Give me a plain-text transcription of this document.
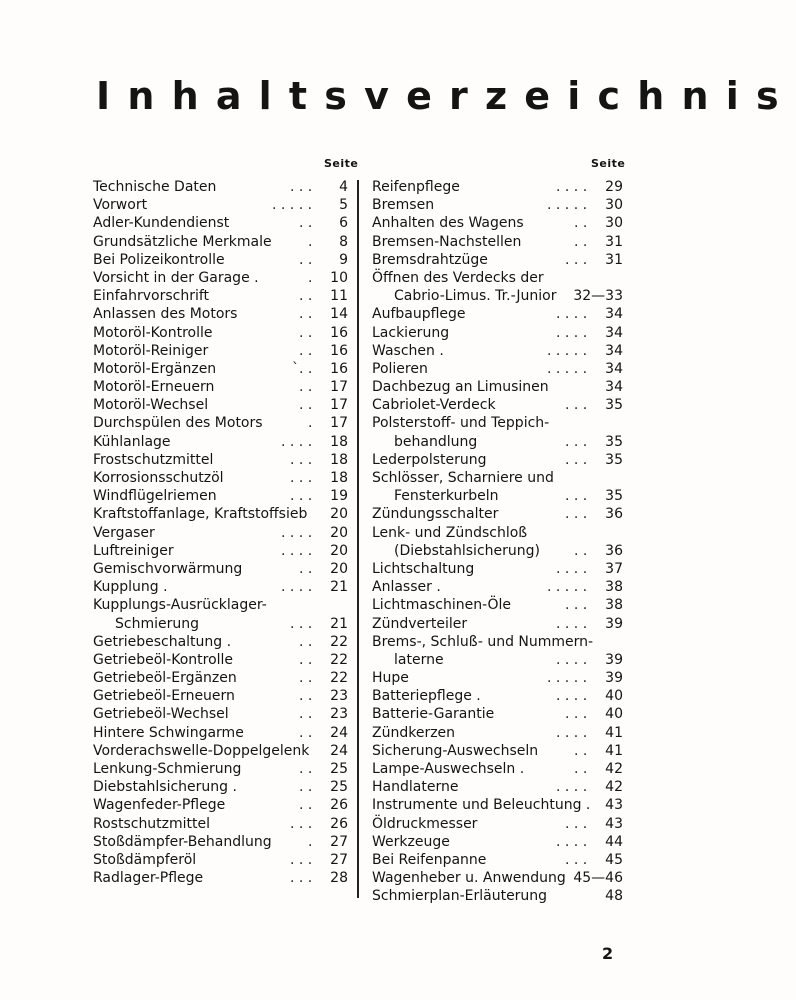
Inhaltsverzeichnis
Seite	Seite
Technische Daten	. . . 4
Vorwort	. . . . . 5
Adler-Kundendienst	. . 6
Grundsätzliche Merkmale	. 8
Bei Polizeikontrolle	. . 9
Vorsicht in der Garage .	. 10
Einfahrvorschrift	. . 11
Anlassen des Motors	. . 14
Motoröl-Kontrolle	. . 16
Motoröl-Reiniger	. . 16
Motoröl-Ergänzen	`. . 16
Motoröl-Erneuern	. . 17
Motoröl-Wechsel	. . 17
Durchspülen des Motors	. 17
Kühlanlage	. . . . 18
Frostschutzmittel	. . . 18
Korrosionsschutzöl	. . . 18
Windflügelriemen	. . . 19
Kraftstoffanlage, Kraftstoffsieb 20
Vergaser	. . . . 20
Luftreiniger	. . . . 20
Gemischvorwärmung	. . 20
Kupplung .	. . . . 21
Kupplungs-Ausrücklager-
Schmierung	. . . 21
Getriebeschaltung .	. . 22
Getriebeöl-Kontrolle	. . 22
Getriebeöl-Ergänzen	. . 22
Getriebeöl-Erneuern	. . 23
Getriebeöl-Wechsel	. . 23
Hintere Schwingarme	. . 24
Vorderachswelle-Doppelgelenk 24
Lenkung-Schmierung	. . 25
Diebstahlsicherung .	. . 25
Wagenfeder-Pflege	. . 26
Rostschutzmittel	. . . 26
Stoßdämpfer-Behandlung	. 27
Stoßdämpferöl	. . . 27
Radlager-Pflege	. . . 28
Reifenpflege	. . . . 29
Bremsen	. . . . . 30
Anhalten des Wagens	. . 30
Bremsen-Nachstellen	. . 31
Bremsdrahtzüge	. . . 31
Öffnen des Verdecks der
Cabrio-Limus. Tr.-Junior 32—33
Aufbaupflege	. . . . 34
Lackierung	. . . . 34
Waschen .	. . . . . 34
Polieren	. . . . . 34
Dachbezug an Limusinen	34
Cabriolet-Verdeck	. . . 35
Polsterstoff- und Teppich-
behandlung	. . . 35
Lederpolsterung	. . . 35
Schlösser, Scharniere und
Fensterkurbeln	. . . 35
Zündungsschalter	. . . 36
Lenk- und Zündschloß
(Diebstahlsicherung) . . 36
Lichtschaltung	. . . . 37
Anlasser .	. . . . . 38
Lichtmaschinen-Öle	. . . 38
Zündverteiler	. . . . 39
Brems-, Schluß- und Nummern-
laterne	. . . . 39
Hupe	. . . . . 39
Batteriepflege .	. . . . 40
Batterie-Garantie	. . . 40
Zündkerzen	. . . . 41
Sicherung-Auswechseln	. . 41
Lampe-Auswechseln .	. . 42
Handlaterne	. . . . 42
Instrumente und Beleuchtung . 43
Öldruckmesser	. . . 43
Werkzeuge	. . . . 44
Bei Reifenpanne	. . . 45
Wagenheber u. Anwendung 45—46
Schmierplan-Erläuterung	48
2
